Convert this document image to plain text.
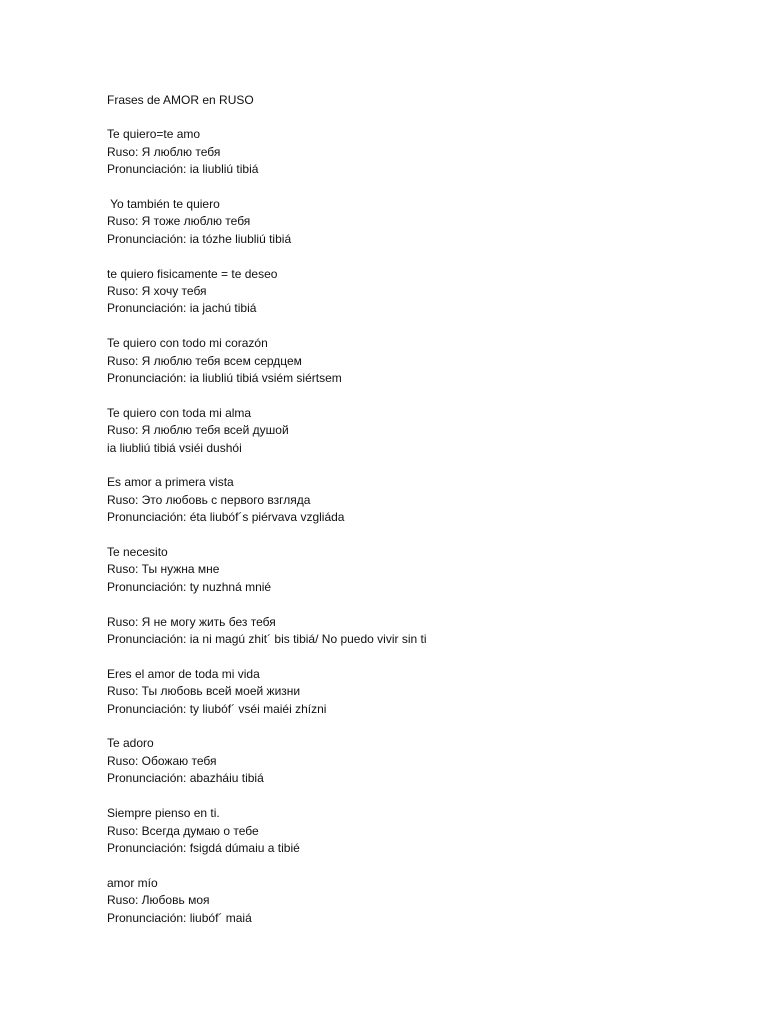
Frases de AMOR en RUSO
Te quiero=te amo
Ruso: Я люблю тебя
Pronunciación: ia liubliú tibiá
Yo también te quiero
Ruso: Я тоже люблю тебя
Pronunciación: ia tózhe liubliú tibiá
te quiero fisicamente = te deseo
Ruso: Я хочу тебя
Pronunciación: ia jachú tibiá
Te quiero con todo mi corazón
Ruso: Я люблю тебя всем сердцем
Pronunciación: ia liubliú tibiá vsiém siértsem
Te quiero con toda mi alma
Ruso: Я люблю тебя всей душой
ia liubliú tibiá vsiéi dushói
Es amor a primera vista
Ruso: Это любовь с первого взгляда
Pronunciación: éta liubóf´s piérvava vzgliáda
Te necesito
Ruso: Ты нужна мне
Pronunciación: ty nuzhná mnié
Ruso: Я не могу жить без тебя
Pronunciación: ia ni magú zhit´ bis tibiá/ No puedo vivir sin ti
Eres el amor de toda mi vida
Ruso: Ты любовь всей моей жизни
Pronunciación: ty liubóf´ vséi maiéi zhízni
Te adoro
Ruso: Обожаю тебя
Pronunciación: abazháiu tibiá
Siempre pienso en ti.
Ruso: Всегда думаю о тебе
Pronunciación: fsigdá dúmaiu a tibié
amor mío
Ruso: Любовь моя
Pronunciación: liubóf´ maiá
